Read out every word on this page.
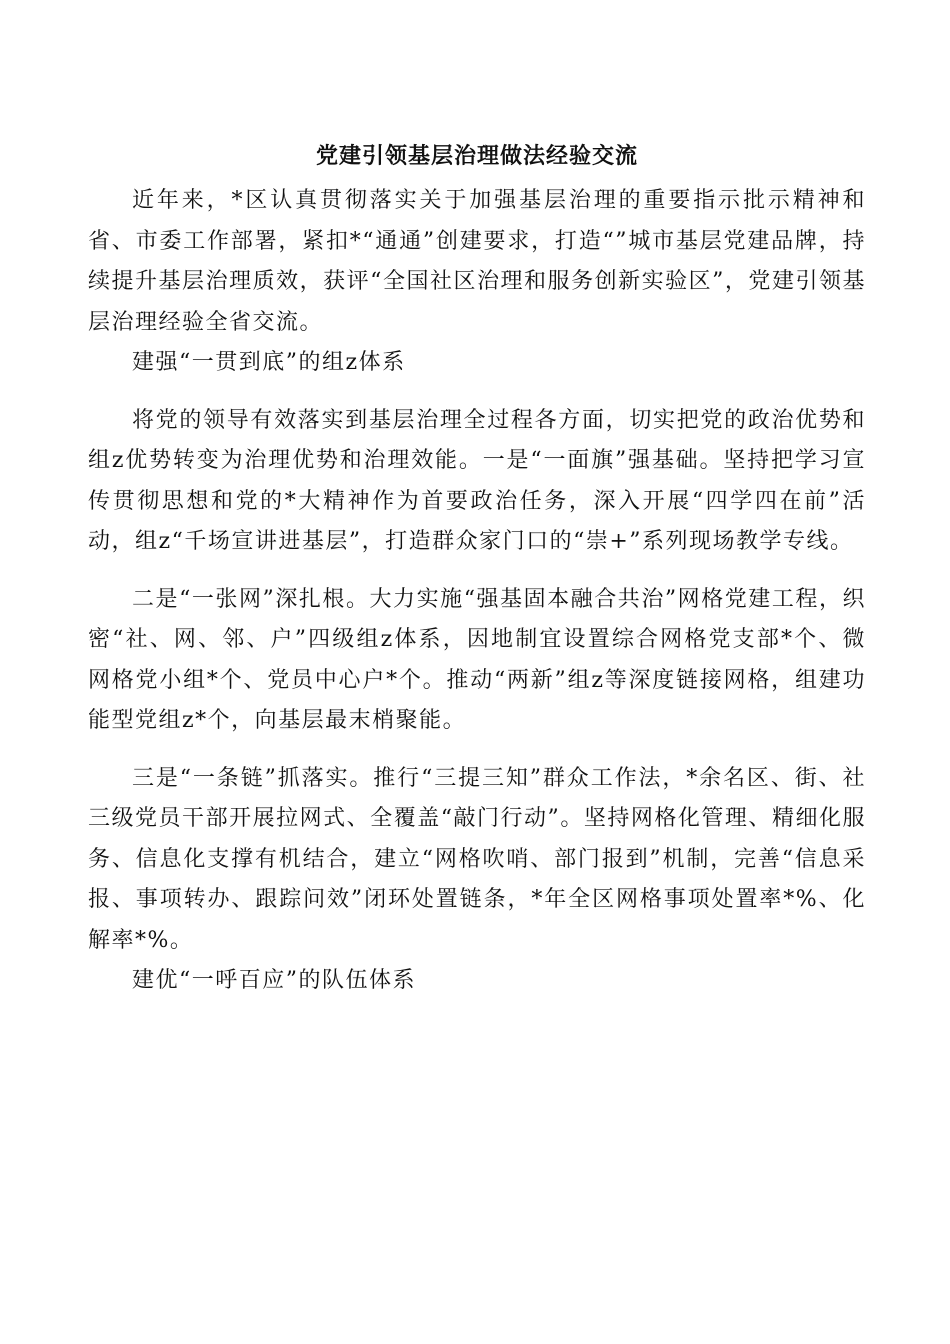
党建引领基层治理做法经验交流

近年来，*区认真贯彻落实关于加强基层治理的重要指示批示精神和省、市委工作部署，紧扣*“通通”创建要求，打造“”城市基层党建品牌，持续提升基层治理质效，获评“全国社区治理和服务创新实验区”，党建引领基层治理经验全省交流。

建强“一贯到底”的组z体系

将党的领导有效落实到基层治理全过程各方面，切实把党的政治优势和组z优势转变为治理优势和治理效能。一是“一面旗”强基础。坚持把学习宣传贯彻思想和党的*大精神作为首要政治任务，深入开展“四学四在前”活动，组z“千场宣讲进基层”，打造群众家门口的“崇+”系列现场教学专线。

二是“一张网”深扎根。大力实施“强基固本融合共治”网格党建工程，织密“社、网、邻、户”四级组z体系，因地制宜设置综合网格党支部*个、微网格党小组*个、党员中心户*个。推动“两新”组z等深度链接网格，组建功能型党组z*个，向基层最末梢聚能。

三是“一条链”抓落实。推行“三提三知”群众工作法，*余名区、街、社三级党员干部开展拉网式、全覆盖“敲门行动”。坚持网格化管理、精细化服务、信息化支撑有机结合，建立“网格吹哨、部门报到”机制，完善“信息采报、事项转办、跟踪问效”闭环处置链条，*年全区网格事项处置率*%、化解率*%。

建优“一呼百应”的队伍体系
